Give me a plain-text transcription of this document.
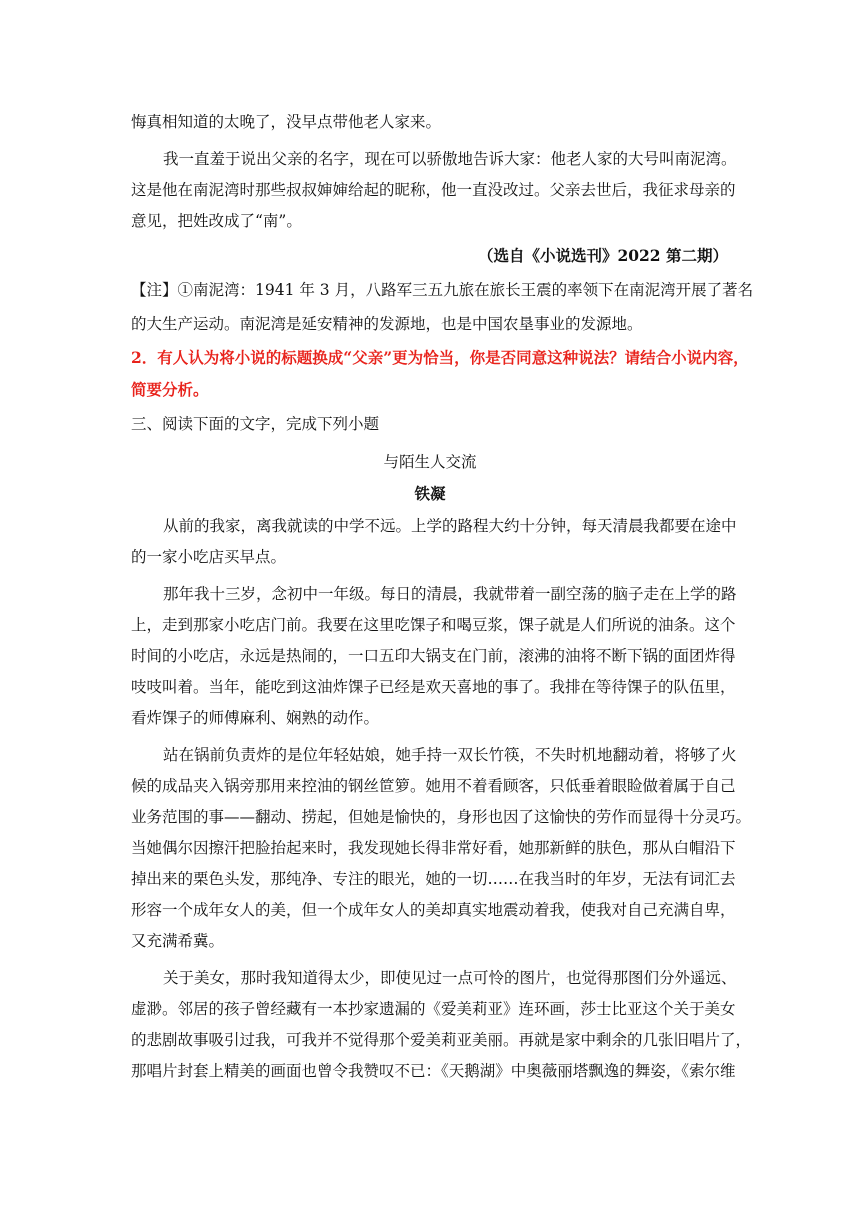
悔真相知道的太晚了，没早点带他老人家来。
我一直羞于说出父亲的名字，现在可以骄傲地告诉大家：他老人家的大号叫南泥湾。
这是他在南泥湾时那些叔叔婶婶给起的昵称，他一直没改过。父亲去世后，我征求母亲的
意见，把姓改成了“南”。
（选自《小说选刊》2022 第二期）
【注】①南泥湾：1941 年 3 月，八路军三五九旅在旅长王震的率领下在南泥湾开展了著名
的大生产运动。南泥湾是延安精神的发源地，也是中国农垦事业的发源地。
2．有人认为将小说的标题换成“父亲”更为恰当，你是否同意这种说法？请结合小说内容，
简要分析。
三、阅读下面的文字，完成下列小题
与陌生人交流
铁凝
从前的我家，离我就读的中学不远。上学的路程大约十分钟，每天清晨我都要在途中
的一家小吃店买早点。
那年我十三岁，念初中一年级。每日的清晨，我就带着一副空荡的脑子走在上学的路
上，走到那家小吃店门前。我要在这里吃馃子和喝豆浆，馃子就是人们所说的油条。这个
时间的小吃店，永远是热闹的，一口五印大锅支在门前，滚沸的油将不断下锅的面团炸得
吱吱叫着。当年，能吃到这油炸馃子已经是欢天喜地的事了。我排在等待馃子的队伍里，
看炸馃子的师傅麻利、娴熟的动作。
站在锅前负责炸的是位年轻姑娘，她手持一双长竹筷，不失时机地翻动着，将够了火
候的成品夹入锅旁那用来控油的钢丝笸箩。她用不着看顾客，只低垂着眼睑做着属于自己
业务范围的事——翻动、捞起，但她是愉快的，身形也因了这愉快的劳作而显得十分灵巧。
当她偶尔因擦汗把脸抬起来时，我发现她长得非常好看，她那新鲜的肤色，那从白帽沿下
掉出来的栗色头发，那纯净、专注的眼光，她的一切……在我当时的年岁，无法有词汇去
形容一个成年女人的美，但一个成年女人的美却真实地震动着我，使我对自己充满自卑，
又充满希冀。
关于美女，那时我知道得太少，即使见过一点可怜的图片，也觉得那图们分外遥远、
虚渺。邻居的孩子曾经藏有一本抄家遗漏的《爱美莉亚》连环画，莎士比亚这个关于美女
的悲剧故事吸引过我，可我并不觉得那个爱美莉亚美丽。再就是家中剩余的几张旧唱片了，
那唱片封套上精美的画面也曾令我赞叹不已：《天鹅湖》中奥薇丽塔飘逸的舞姿，《索尔维
